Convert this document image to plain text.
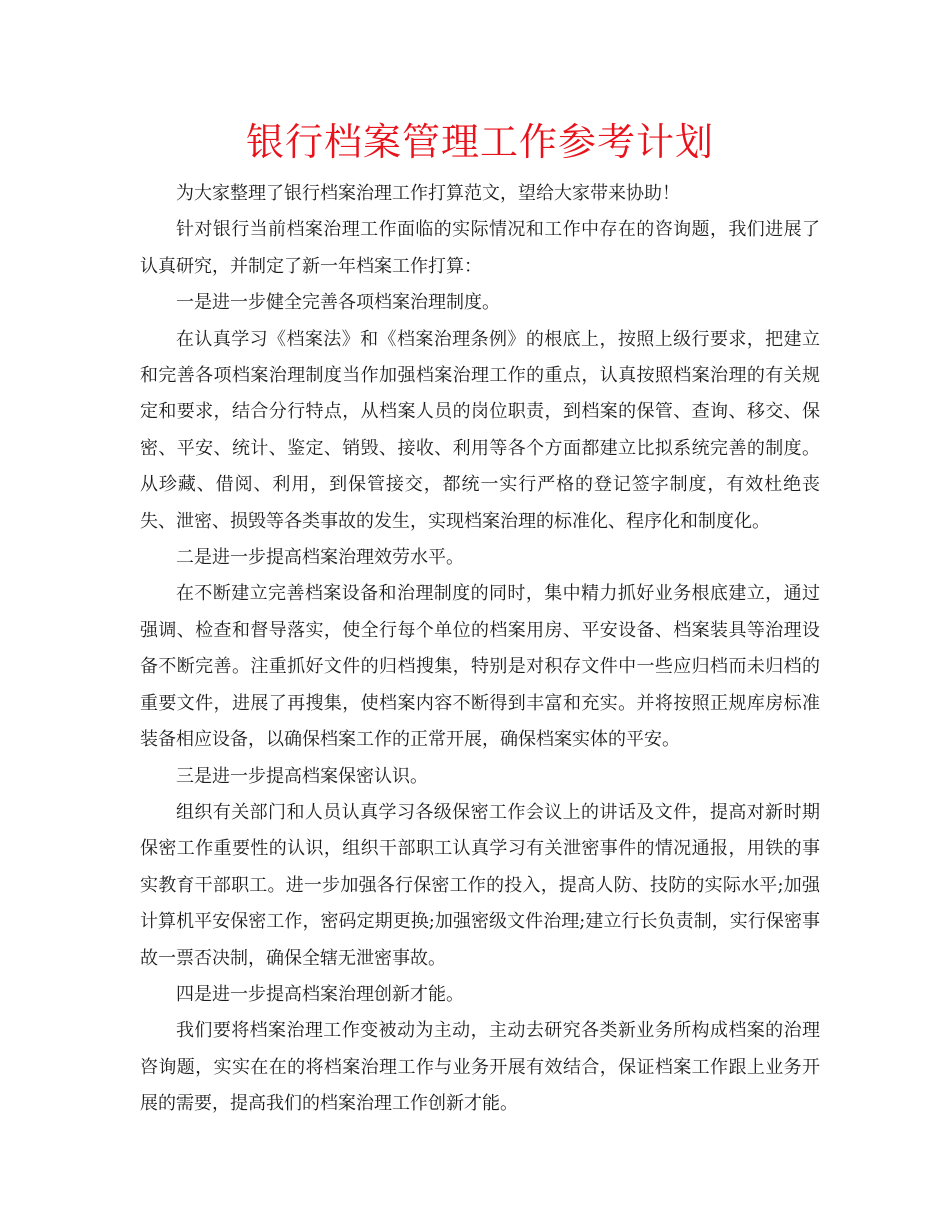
银行档案管理工作参考计划

为大家整理了银行档案治理工作打算范文，望给大家带来协助！

针对银行当前档案治理工作面临的实际情况和工作中存在的咨询题，我们进展了认真研究，并制定了新一年档案工作打算：

一是进一步健全完善各项档案治理制度。

在认真学习《档案法》和《档案治理条例》的根底上，按照上级行要求，把建立和完善各项档案治理制度当作加强档案治理工作的重点，认真按照档案治理的有关规定和要求，结合分行特点，从档案人员的岗位职责，到档案的保管、查询、移交、保密、平安、统计、鉴定、销毁、接收、利用等各个方面都建立比拟系统完善的制度。从珍藏、借阅、利用，到保管接交，都统一实行严格的登记签字制度，有效杜绝丧失、泄密、损毁等各类事故的发生，实现档案治理的标准化、程序化和制度化。

二是进一步提高档案治理效劳水平。

在不断建立完善档案设备和治理制度的同时，集中精力抓好业务根底建立，通过强调、检查和督导落实，使全行每个单位的档案用房、平安设备、档案装具等治理设备不断完善。注重抓好文件的归档搜集，特别是对积存文件中一些应归档而未归档的重要文件，进展了再搜集，使档案内容不断得到丰富和充实。并将按照正规库房标准装备相应设备，以确保档案工作的正常开展，确保档案实体的平安。

三是进一步提高档案保密认识。

组织有关部门和人员认真学习各级保密工作会议上的讲话及文件，提高对新时期保密工作重要性的认识，组织干部职工认真学习有关泄密事件的情况通报，用铁的事实教育干部职工。进一步加强各行保密工作的投入，提高人防、技防的实际水平;加强计算机平安保密工作，密码定期更换;加强密级文件治理;建立行长负责制，实行保密事故一票否决制，确保全辖无泄密事故。

四是进一步提高档案治理创新才能。

我们要将档案治理工作变被动为主动，主动去研究各类新业务所构成档案的治理咨询题，实实在在的将档案治理工作与业务开展有效结合，保证档案工作跟上业务开展的需要，提高我们的档案治理工作创新才能。
